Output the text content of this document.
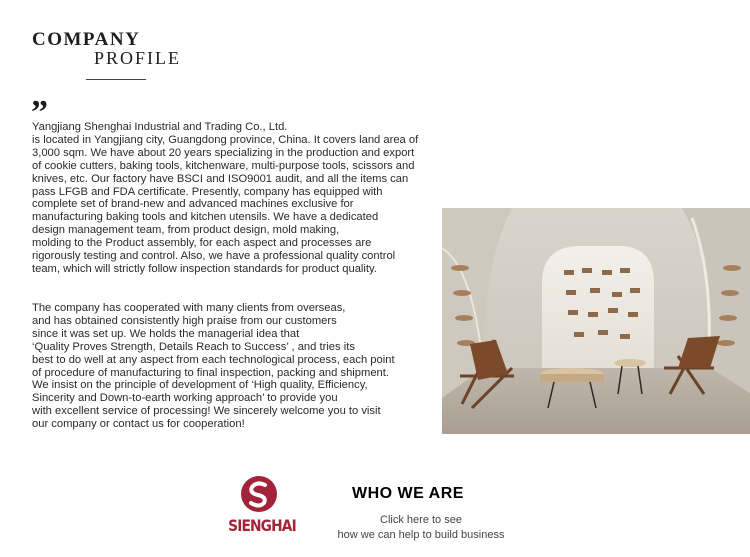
COMPANY
PROFILE
”

Yangjiang Shenghai Industrial and Trading Co., Ltd.
is located in Yangjiang city, Guangdong province, China. It covers land area of
3,000 sqm. We have about 20 years specializing in the production and export
of cookie cutters, baking tools, kitchenware, multi-purpose tools, scissors and
knives, etc. Our factory have BSCI and ISO9001 audit, and all the items can
pass LFGB and FDA certificate. Presently, company has equipped with
complete set of brand-new and advanced machines exclusive for
manufacturing baking tools and kitchen utensils. We have a dedicated
design management team, from product design, mold making,
molding to the Product assembly, for each aspect and processes are
rigorously testing and control. Also, we have a professional quality control
team, which will strictly follow inspection standards for product quality.

The company has cooperated with many clients from overseas,
and has obtained consistently high praise from our customers
since it was set up. We holds the managerial idea that
‘Quality Proves Strength, Details Reach to Success’ , and tries its
best to do well at any aspect from each technological process, each point
of procedure of manufacturing to final inspection, packing and shipment.
We insist on the principle of development of ‘High quality, Efficiency,
Sincerity and Down-to-earth working approach’ to provide you
with excellent service of processing! We sincerely welcome you to visit
our company or contact us for cooperation!

SIENGHAI
WHO WE ARE
Click here to see
how we can help to build business
